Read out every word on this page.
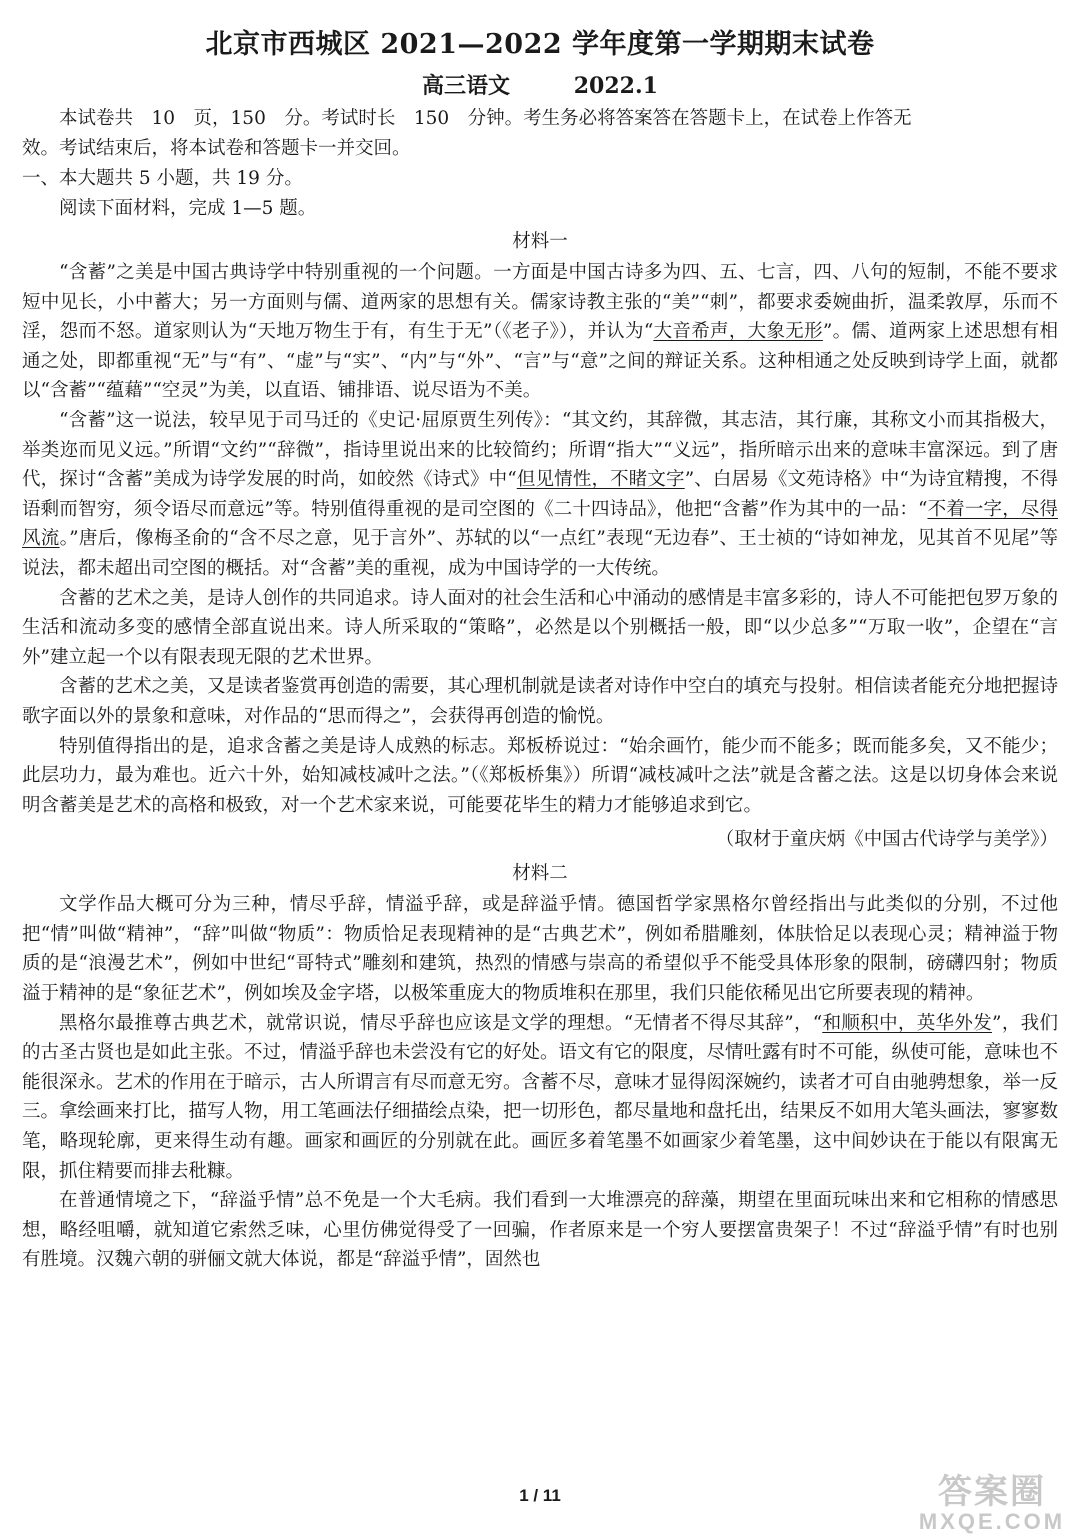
北京市西城区 2021—2022 学年度第一学期期末试卷
高三语文	2022.1
本试卷共　10　页，150　分。考试时长　150　分钟。考生务必将答案答在答题卡上，在试卷上作答无
效。考试结束后，将本试卷和答题卡一并交回。
一、本大题共 5 小题，共 19 分。
阅读下面材料，完成 1—5 题。
材料一

“含蓄”之美是中国古典诗学中特别重视的一个问题。一方面是中国古诗多为四、五、七言，四、八句的短制，不能不要求短中见长，小中蓄大；另一方面则与儒、道两家的思想有关。儒家诗教主张的“美”“刺”，都要求委婉曲折，温柔敦厚，乐而不淫，怨而不怒。道家则认为“天地万物生于有，有生于无”（《老子》），并认为“大音希声，大象无形”。儒、道两家上述思想有相通之处，即都重视“无”与“有”、“虚”与“实”、“内”与“外”、“言”与“意”之间的辩证关系。这种相通之处反映到诗学上面，就都以“含蓄”“蕴藉”“空灵”为美，以直语、铺排语、说尽语为不美。

“含蓄”这一说法，较早见于司马迁的《史记·屈原贾生列传》：“其文约，其辞微，其志洁，其行廉，其称文小而其指极大，举类迩而见义远。”所谓“文约”“辞微”，指诗里说出来的比较简约；所谓“指大”“义远”，指所暗示出来的意味丰富深远。到了唐代，探讨“含蓄”美成为诗学发展的时尚，如皎然《诗式》中“但见情性，不睹文字”、白居易《文苑诗格》中“为诗宜精搜，不得语剩而智穷，须令语尽而意远”等。特别值得重视的是司空图的《二十四诗品》，他把“含蓄”作为其中的一品：“不着一字，尽得风流。”唐后，像梅圣俞的“含不尽之意，见于言外”、苏轼的以“一点红”表现“无边春”、王士祯的“诗如神龙，见其首不见尾”等说法，都未超出司空图的概括。对“含蓄”美的重视，成为中国诗学的一大传统。

含蓄的艺术之美，是诗人创作的共同追求。诗人面对的社会生活和心中涌动的感情是丰富多彩的，诗人不可能把包罗万象的生活和流动多变的感情全部直说出来。诗人所采取的“策略”，必然是以个别概括一般，即“以少总多”“万取一收”，企望在“言外”建立起一个以有限表现无限的艺术世界。

含蓄的艺术之美，又是读者鉴赏再创造的需要，其心理机制就是读者对诗作中空白的填充与投射。相信读者能充分地把握诗歌字面以外的景象和意味，对作品的“思而得之”，会获得再创造的愉悦。

特别值得指出的是，追求含蓄之美是诗人成熟的标志。郑板桥说过：“始余画竹，能少而不能多；既而能多矣，又不能少；此层功力，最为难也。近六十外，始知减枝减叶之法。”（《郑板桥集》）所谓“减枝减叶之法”就是含蓄之法。这是以切身体会来说明含蓄美是艺术的高格和极致，对一个艺术家来说，可能要花毕生的精力才能够追求到它。

（取材于童庆炳《中国古代诗学与美学》）
材料二

文学作品大概可分为三种，情尽乎辞，情溢乎辞，或是辞溢乎情。德国哲学家黑格尔曾经指出与此类似的分别，不过他把“情”叫做“精神”，“辞”叫做“物质”：物质恰足表现精神的是“古典艺术”，例如希腊雕刻，体肤恰足以表现心灵；精神溢于物质的是“浪漫艺术”，例如中世纪“哥特式”雕刻和建筑，热烈的情感与崇高的希望似乎不能受具体形象的限制，磅礴四射；物质溢于精神的是“象征艺术”，例如埃及金字塔，以极笨重庞大的物质堆积在那里，我们只能依稀见出它所要表现的精神。

黑格尔最推尊古典艺术，就常识说，情尽乎辞也应该是文学的理想。“无情者不得尽其辞”，“和顺积中，英华外发”，我们的古圣古贤也是如此主张。不过，情溢乎辞也未尝没有它的好处。语文有它的限度，尽情吐露有时不可能，纵使可能，意味也不能很深永。艺术的作用在于暗示，古人所谓言有尽而意无穷。含蓄不尽，意味才显得闳深婉约，读者才可自由驰骋想象，举一反三。拿绘画来打比，描写人物，用工笔画法仔细描绘点染，把一切形色，都尽量地和盘托出，结果反不如用大笔头画法，寥寥数笔，略现轮廓，更来得生动有趣。画家和画匠的分别就在此。画匠多着笔墨不如画家少着笔墨，这中间妙诀在于能以有限寓无限，抓住精要而排去秕糠。

在普通情境之下，“辞溢乎情”总不免是一个大毛病。我们看到一大堆漂亮的辞藻，期望在里面玩味出来和它相称的情感思想，略经咀嚼，就知道它索然乏味，心里仿佛觉得受了一回骗，作者原来是一个穷人要摆富贵架子！不过“辞溢乎情”有时也别有胜境。汉魏六朝的骈俪文就大体说，都是“辞溢乎情”，固然也

1 / 11	答案圈
MXQE.COM
